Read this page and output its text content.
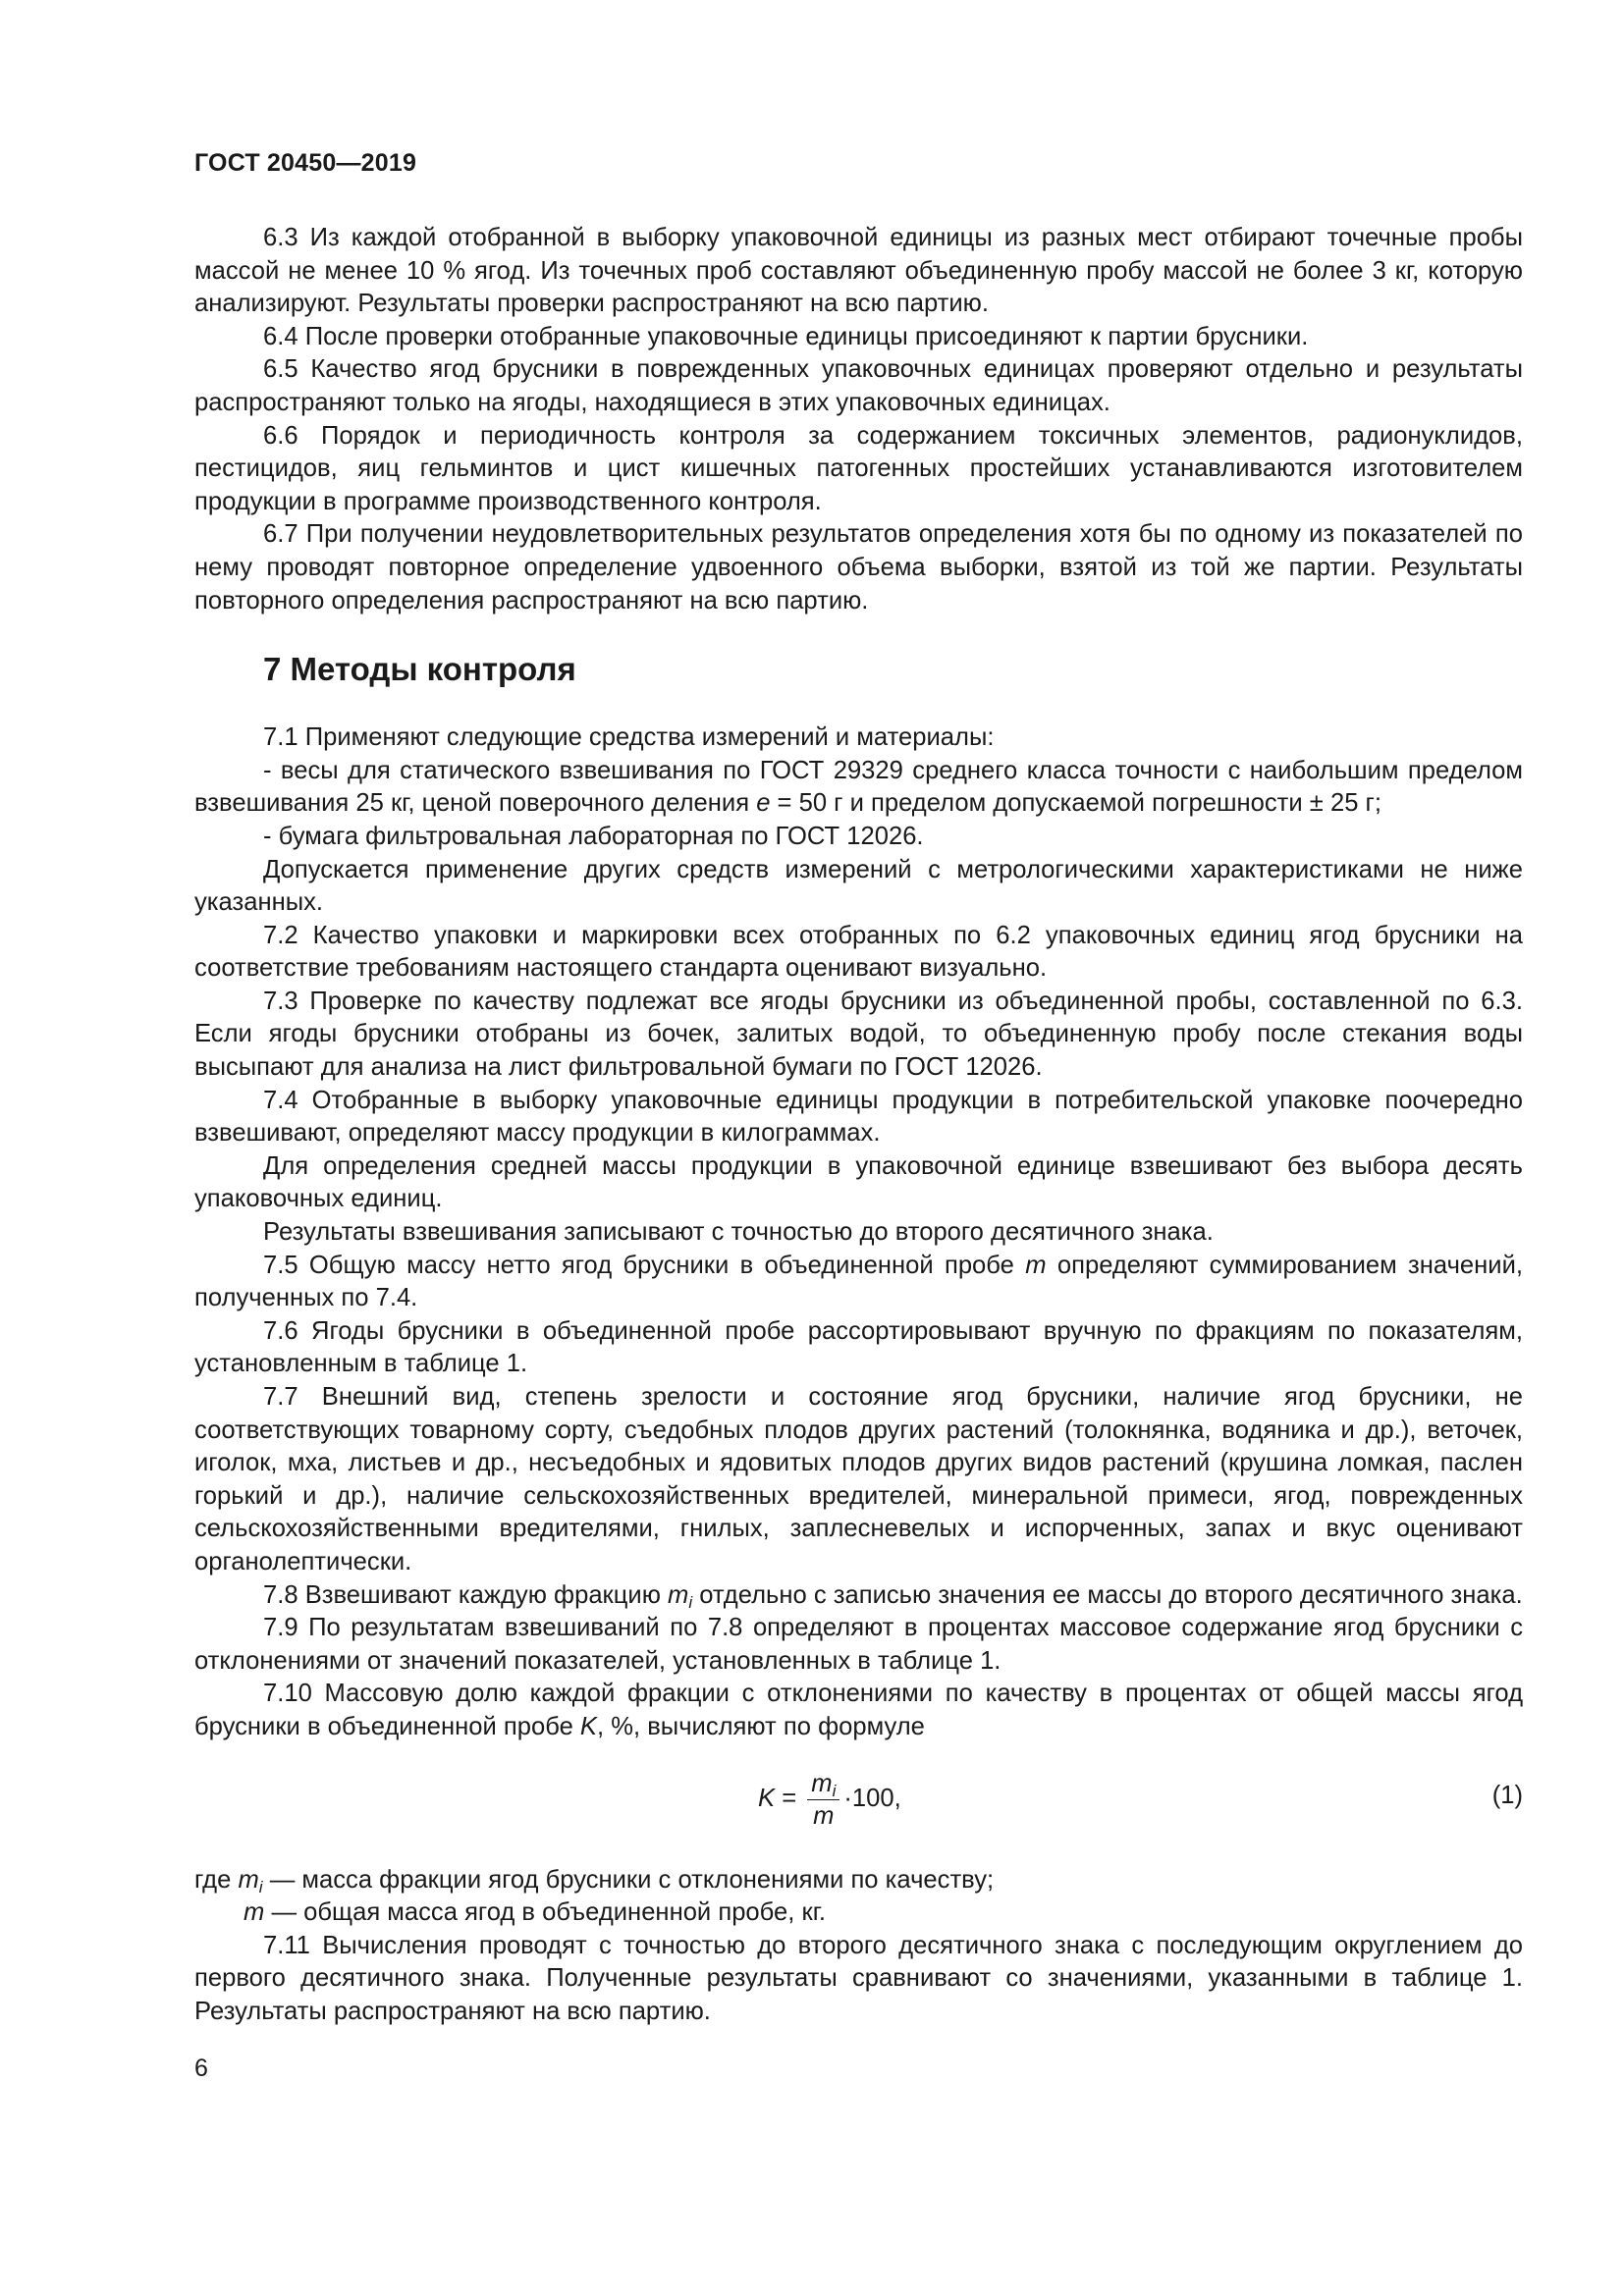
ГОСТ 20450—2019

6.3 Из каждой отобранной в выборку упаковочной единицы из разных мест отбирают точечные пробы массой не менее 10 % ягод. Из точечных проб составляют объединенную пробу массой не более 3 кг, которую анализируют. Результаты проверки распространяют на всю партию.

6.4 После проверки отобранные упаковочные единицы присоединяют к партии брусники.

6.5 Качество ягод брусники в поврежденных упаковочных единицах проверяют отдельно и результаты распространяют только на ягоды, находящиеся в этих упаковочных единицах.

6.6 Порядок и периодичность контроля за содержанием токсичных элементов, радионуклидов, пестицидов, яиц гельминтов и цист кишечных патогенных простейших устанавливаются изготовителем продукции в программе производственного контроля.

6.7 При получении неудовлетворительных результатов определения хотя бы по одному из показателей по нему проводят повторное определение удвоенного объема выборки, взятой из той же партии. Результаты повторного определения распространяют на всю партию.

7 Методы контроля

7.1 Применяют следующие средства измерений и материалы:

- весы для статического взвешивания по ГОСТ 29329 среднего класса точности с наибольшим пределом взвешивания 25 кг, ценой поверочного деления e = 50 г и пределом допускаемой погрешности ± 25 г;

- бумага фильтровальная лабораторная по ГОСТ 12026.

Допускается применение других средств измерений с метрологическими характеристиками не ниже указанных.

7.2 Качество упаковки и маркировки всех отобранных по 6.2 упаковочных единиц ягод брусники на соответствие требованиям настоящего стандарта оценивают визуально.

7.3 Проверке по качеству подлежат все ягоды брусники из объединенной пробы, составленной по 6.3. Если ягоды брусники отобраны из бочек, залитых водой, то объединенную пробу после стекания воды высыпают для анализа на лист фильтровальной бумаги по ГОСТ 12026.

7.4 Отобранные в выборку упаковочные единицы продукции в потребительской упаковке поочередно взвешивают, определяют массу продукции в килограммах.

Для определения средней массы продукции в упаковочной единице взвешивают без выбора десять упаковочных единиц.

Результаты взвешивания записывают с точностью до второго десятичного знака.

7.5 Общую массу нетто ягод брусники в объединенной пробе m определяют суммированием значений, полученных по 7.4.

7.6 Ягоды брусники в объединенной пробе рассортировывают вручную по фракциям по показателям, установленным в таблице 1.

7.7 Внешний вид, степень зрелости и состояние ягод брусники, наличие ягод брусники, не соответствующих товарному сорту, съедобных плодов других растений (толокнянка, водяника и др.), веточек, иголок, мха, листьев и др., несъедобных и ядовитых плодов других видов растений (крушина ломкая, паслен горький и др.), наличие сельскохозяйственных вредителей, минеральной примеси, ягод, поврежденных сельскохозяйственными вредителями, гнилых, заплесневелых и испорченных, запах и вкус оценивают органолептически.

7.8 Взвешивают каждую фракцию $m_i$ отдельно с записью значения ее массы до второго десятичного знака.

7.9 По результатам взвешиваний по 7.8 определяют в процентах массовое содержание ягод брусники с отклонениями от значений показателей, установленных в таблице 1.

7.10 Массовую долю каждой фракции с отклонениями по качеству в процентах от общей массы ягод брусники в объединенной пробе K, %, вычисляют по формуле

$K = \frac{m_i}{m} \cdot 100$,	(1)

где $m_i$ — масса фракции ягод брусники с отклонениями по качеству;

m — общая масса ягод в объединенной пробе, кг.

7.11 Вычисления проводят с точностью до второго десятичного знака с последующим округлением до первого десятичного знака. Полученные результаты сравнивают со значениями, указанными в таблице 1. Результаты распространяют на всю партию.

6
